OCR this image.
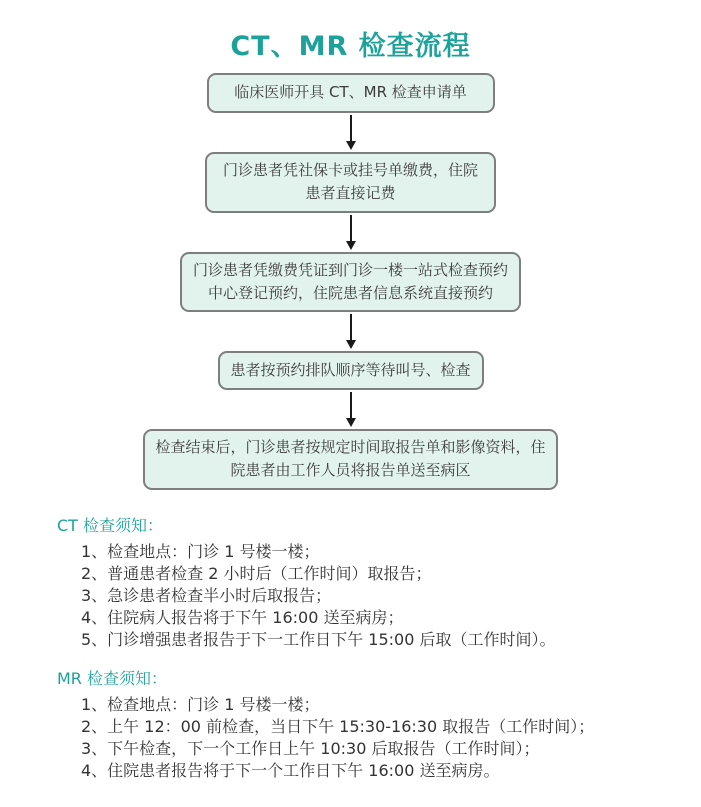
CT、MR 检查流程
临床医师开具 CT、MR 检查申请单
门诊患者凭社保卡或挂号单缴费，住院患者直接记费
门诊患者凭缴费凭证到门诊一楼一站式检查预约中心登记预约，住院患者信息系统直接预约
患者按预约排队顺序等待叫号、检查
检查结束后，门诊患者按规定时间取报告单和影像资料，住院患者由工作人员将报告单送至病区
CT 检查须知：
1、检查地点：门诊 1 号楼一楼；
2、普通患者检查 2 小时后（工作时间）取报告；
3、急诊患者检查半小时后取报告；
4、住院病人报告将于下午 16:00 送至病房；
5、门诊增强患者报告于下一工作日下午 15:00 后取（工作时间）。
MR 检查须知：
1、检查地点：门诊 1 号楼一楼；
2、上午 12：00 前检查，当日下午 15:30-16:30 取报告（工作时间）；
3、下午检查，下一个工作日上午 10:30 后取报告（工作时间）；
4、住院患者报告将于下一个工作日下午 16:00 送至病房。
